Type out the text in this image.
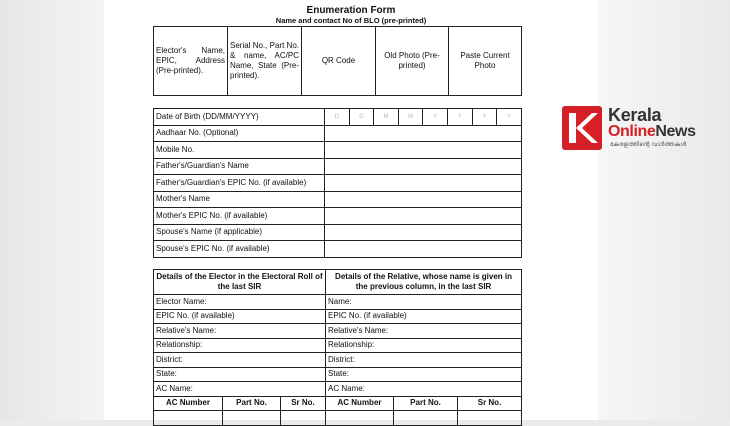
Enumeration Form
Name and contact No of BLO (pre-printed)
Elector's Name, EPIC, Address (Pre-printed).	Serial No., Part No. & name, AC/PC Name, State (Pre-printed).	QR Code	Old Photo (Pre-printed)	Paste Current Photo
Date of Birth (DD/MM/YYYY)	D	D	M	M	Y	Y	Y	Y
Aadhaar No. (Optional)								
Mobile No.								
Father's/Guardian's Name								
Father's/Guardian's EPIC No. (if available)								
Mother's Name								
Mother's EPIC No. (if available)								
Spouse's Name (if applicable)								
Spouse's EPIC No. (if available)								
Details of the Elector in the Electoral Roll of the last SIR			Details of the Relative, whose name is given in the previous column, in the last SIR		
Elector Name:			Name:		
EPIC No. (if available)			EPIC No. (if available)		
Relative's Name:			Relative's Name:		
Relationship:			Relationship:		
District:			District:		
State:			State:		
AC Name:			AC Name:		
AC Number	Part No.	Sr No.	AC Number	Part No.	Sr No.

Kerala
OnlineNews
കേരളത്തിന്റെ വാർത്തകൾ
